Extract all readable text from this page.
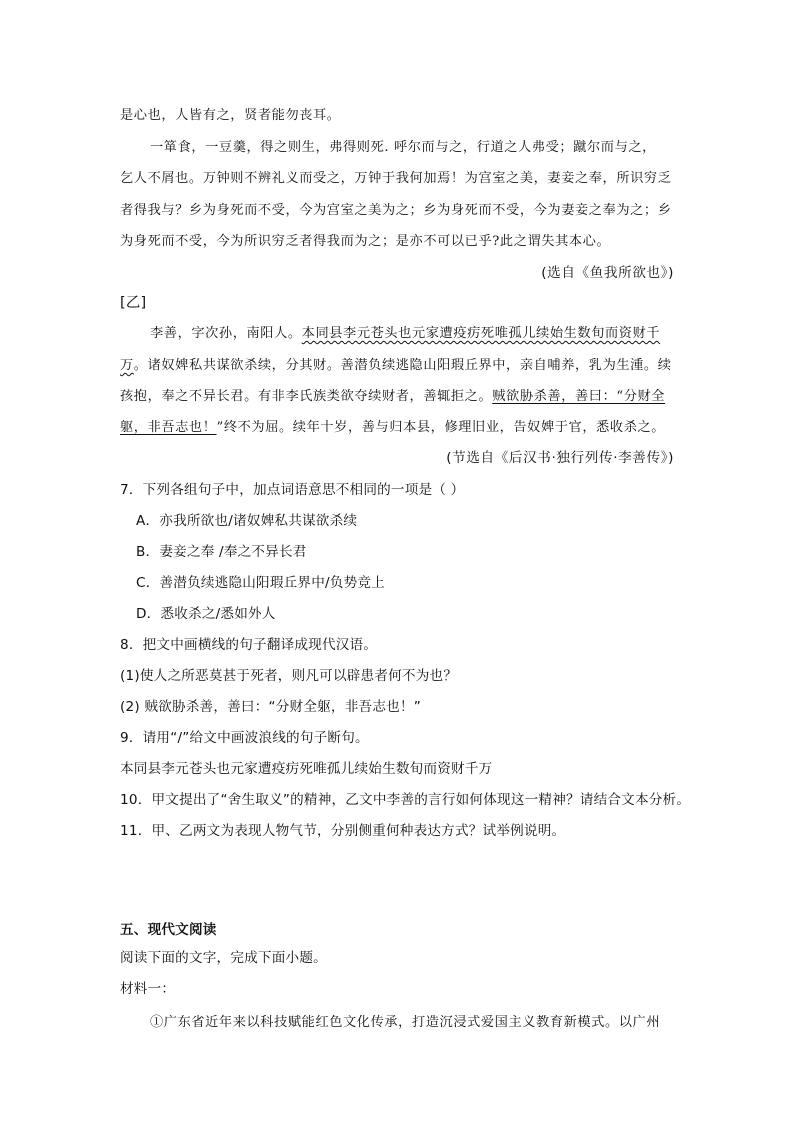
是心也，人皆有之，贤者能勿丧耳。
一箪食，一豆羹，得之则生，弗得则死. 呼尔而与之，行道之人弗受；蹴尔而与之，
乞人不屑也。万钟则不辨礼义而受之，万钟于我何加焉！为宫室之美，妻妾之奉，所识穷乏
者得我与？乡为身死而不受，今为宫室之美为之；乡为身死而不受，今为妻妾之奉为之；乡
为身死而不受，今为所识穷乏者得我而为之；是亦不可以已乎?此之谓失其本心。
(选自《鱼我所欲也》)
[乙]
李善，字次孙，南阳人。本同县李元苍头也元家遭疫疠死唯孤儿续始生数旬而资财千
万。诸奴婢私共谋欲杀续，分其财。善潜负续逃隐山阳瑕丘界中，亲自哺养，乳为生湩。续
孩抱，奉之不异长君。有非李氏族类欲夺续财者，善辄拒之。贼欲胁杀善，善曰：“分财全
躯，非吾志也！”终不为屈。续年十岁，善与归本县，修理旧业，告奴婢于官，悉收杀之。
(节选自《后汉书·独行列传·李善传》)
7．下列各组句子中，加点词语意思不相同的一项是（ ）
A．亦我所欲也/诸奴婢私共谋欲杀续
B．妻妾之奉 /奉之不异长君
C．善潜负续逃隐山阳瑕丘界中/负势竞上
D．悉收杀之/悉如外人
8．把文中画横线的句子翻译成现代汉语。
(1)使人之所恶莫甚于死者，则凡可以辟患者何不为也？
(2) 贼欲胁杀善，善曰：“分财全躯，非吾志也！”
9．请用“/”给文中画波浪线的句子断句。
本同县李元苍头也元家遭疫疠死唯孤儿续始生数旬而资财千万
10．甲文提出了“舍生取义”的精神，乙文中李善的言行如何体现这一精神？请结合文本分析。
11．甲、乙两文为表现人物气节，分别侧重何种表达方式？试举例说明。
五、现代文阅读
阅读下面的文字，完成下面小题。
材料一：
①广东省近年来以科技赋能红色文化传承，打造沉浸式爱国主义教育新模式。以广州
